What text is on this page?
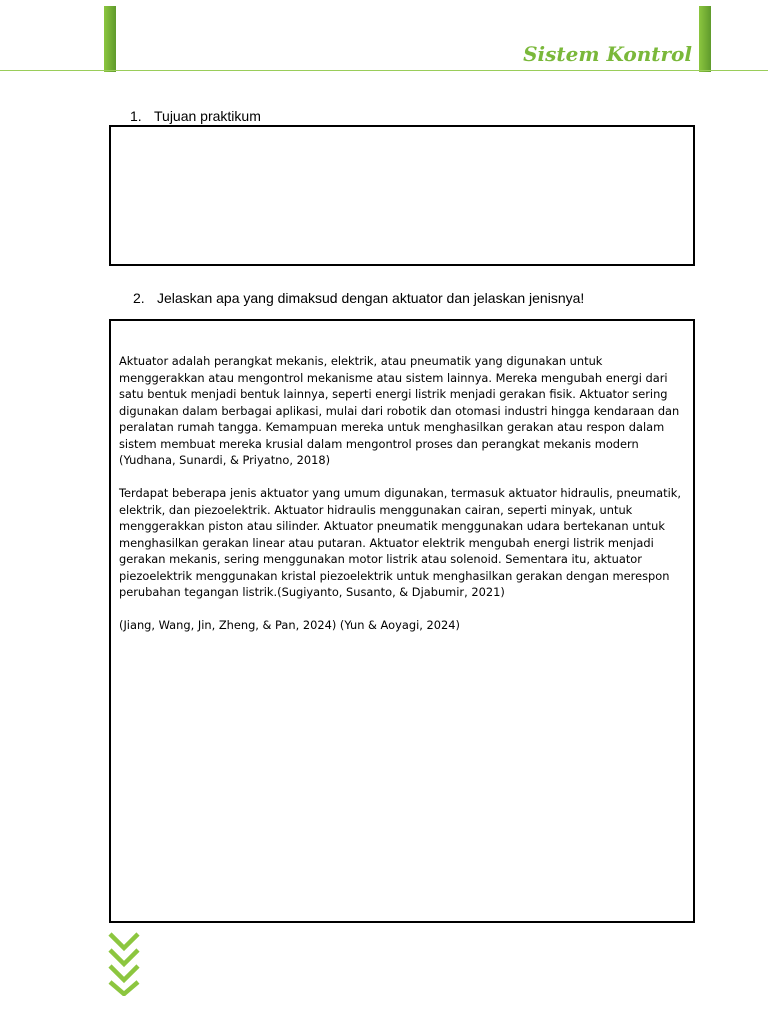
Sistem Kontrol
1. Tujuan praktikum
2. Jelaskan apa yang dimaksud dengan aktuator dan jelaskan jenisnya!

Aktuator adalah perangkat mekanis, elektrik, atau pneumatik yang digunakan untuk menggerakkan atau mengontrol mekanisme atau sistem lainnya. Mereka mengubah energi dari satu bentuk menjadi bentuk lainnya, seperti energi listrik menjadi gerakan fisik. Aktuator sering digunakan dalam berbagai aplikasi, mulai dari robotik dan otomasi industri hingga kendaraan dan peralatan rumah tangga. Kemampuan mereka untuk menghasilkan gerakan atau respon dalam sistem membuat mereka krusial dalam mengontrol proses dan perangkat mekanis modern (Yudhana, Sunardi, & Priyatno, 2018)

Terdapat beberapa jenis aktuator yang umum digunakan, termasuk aktuator hidraulis, pneumatik, elektrik, dan piezoelektrik. Aktuator hidraulis menggunakan cairan, seperti minyak, untuk menggerakkan piston atau silinder. Aktuator pneumatik menggunakan udara bertekanan untuk menghasilkan gerakan linear atau putaran. Aktuator elektrik mengubah energi listrik menjadi gerakan mekanis, sering menggunakan motor listrik atau solenoid. Sementara itu, aktuator piezoelektrik menggunakan kristal piezoelektrik untuk menghasilkan gerakan dengan merespon perubahan tegangan listrik.(Sugiyanto, Susanto, & Djabumir, 2021)

(Jiang, Wang, Jin, Zheng, & Pan, 2024) (Yun & Aoyagi, 2024)
